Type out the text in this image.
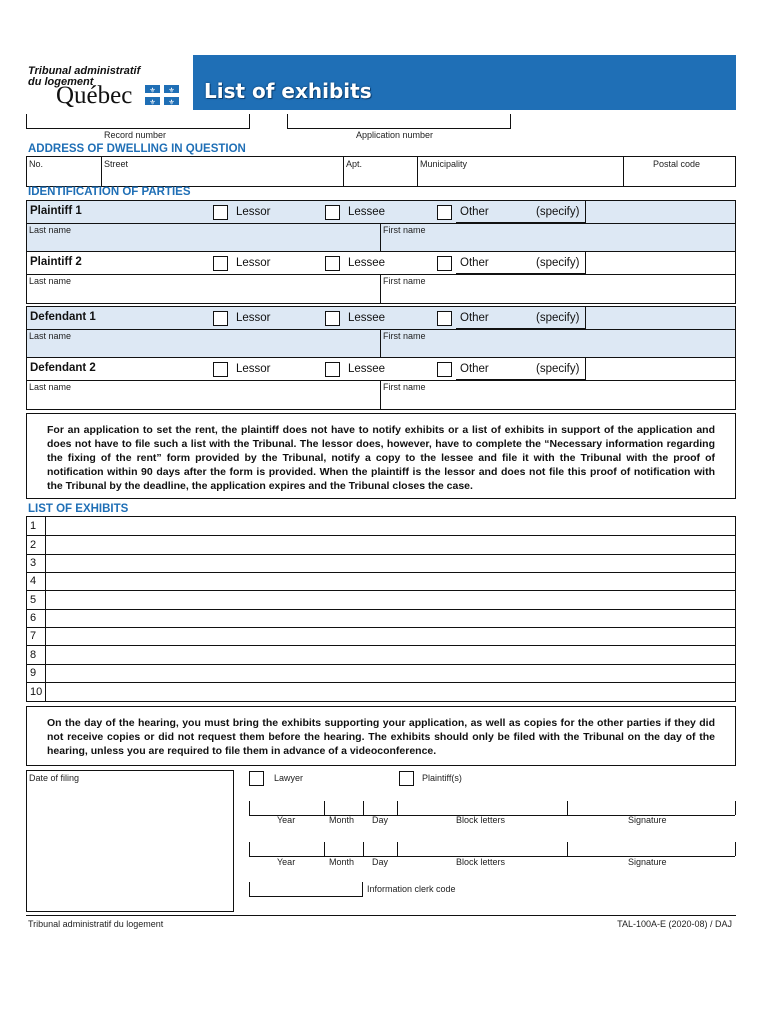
Tribunal administratif
du logement
Québec ⚜ ⚜
⚜ ⚜ List of exhibits
Record number	Application number
ADDRESS OF DWELLING IN QUESTION
No.	Street	Apt.	Municipality	Postal code
IDENTIFICATION OF PARTIES
Plaintiff 1	Lessor	Lessee	Other	(specify)
Last name	First name
Plaintiff 2	Lessor	Lessee	Other	(specify)
Last name	First name
Defendant 1	Lessor	Lessee	Other	(specify)
Last name	First name
Defendant 2	Lessor	Lessee	Other	(specify)
Last name	First name
For an application to set the rent, the plaintiff does not have to notify exhibits or a list of exhibits in support of the application and does not have to file such a list with the Tribunal. The lessor does, however, have to complete the “Necessary information regarding the fixing of the rent” form provided by the Tribunal, notify a copy to the lessee and file it with the Tribunal with the proof of notification within 90 days after the form is provided. When the plaintiff is the lessor and does not file this proof of notification with the Tribunal by the deadline, the application expires and the Tribunal closes the case.
LIST OF EXHIBITS
1
2
3
4
5
6
7
8
9
10
On the day of the hearing, you must bring the exhibits supporting your application, as well as copies for the other parties if they did not receive copies or did not request them before the hearing. The exhibits should only be filed with the Tribunal on the day of the hearing, unless you are required to file them in advance of a videoconference.
Date of filing	Lawyer	Plaintiff(s)
Year	Month Day	Block letters	Signature
Year	Month Day	Block letters	Signature
Information clerk code
Tribunal administratif du logement	TAL-100A-E (2020-08) / DAJ
